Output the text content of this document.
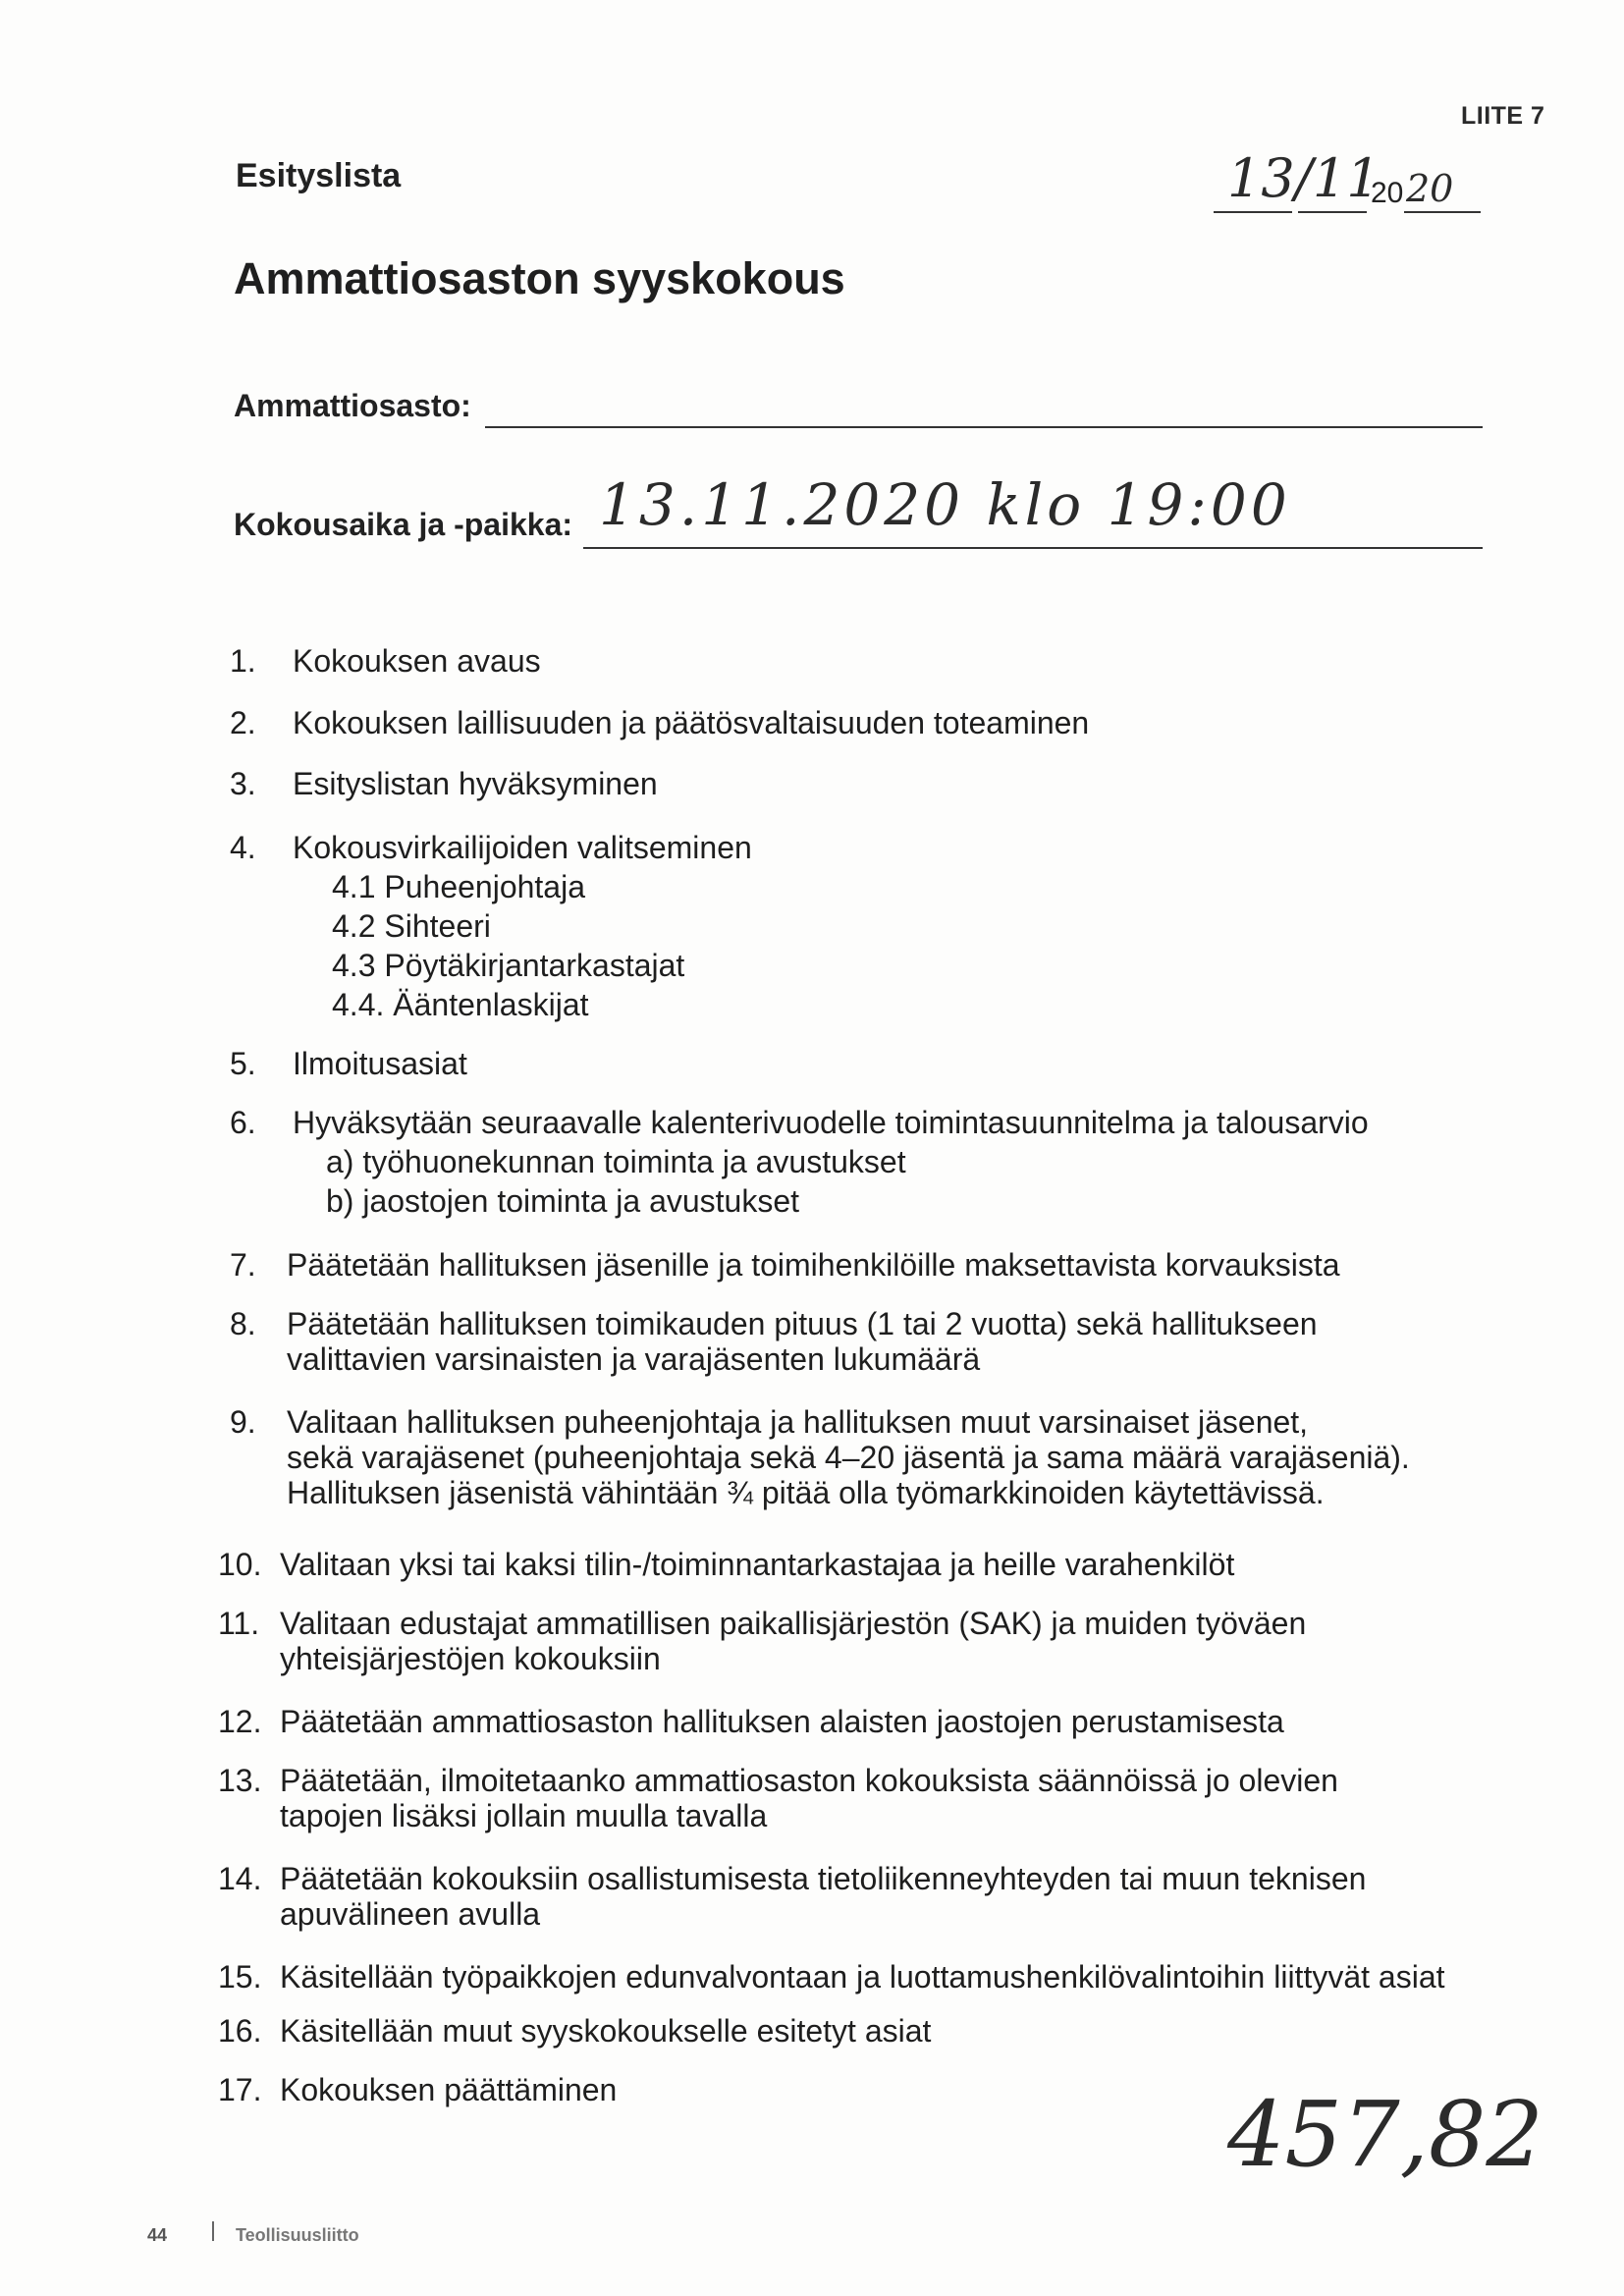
LIITE 7
Esityslista	13/11
20 20
Ammattiosaston syyskokous
Ammattiosasto:
Kokousaika ja -paikka: 13.11.2020 klo 19:00
1. Kokouksen avaus
2. Kokouksen laillisuuden ja päätösvaltaisuuden toteaminen
3. Esityslistan hyväksyminen
4. Kokousvirkailijoiden valitseminen
4.1 Puheenjohtaja
4.2 Sihteeri
4.3 Pöytäkirjantarkastajat
4.4. Ääntenlaskijat
5. Ilmoitusasiat
6. Hyväksytään seuraavalle kalenterivuodelle toimintasuunnitelma ja talousarvio
a) työhuonekunnan toiminta ja avustukset
b) jaostojen toiminta ja avustukset
7. Päätetään hallituksen jäsenille ja toimihenkilöille maksettavista korvauksista
8. Päätetään hallituksen toimikauden pituus (1 tai 2 vuotta) sekä hallitukseen
valittavien varsinaisten ja varajäsenten lukumäärä
9. Valitaan hallituksen puheenjohtaja ja hallituksen muut varsinaiset jäsenet,
sekä varajäsenet (puheenjohtaja sekä 4–20 jäsentä ja sama määrä varajäseniä).
Hallituksen jäsenistä vähintään ¾ pitää olla työmarkkinoiden käytettävissä.
10. Valitaan yksi tai kaksi tilin-/toiminnantarkastajaa ja heille varahenkilöt
11. Valitaan edustajat ammatillisen paikallisjärjestön (SAK) ja muiden työväen
yhteisjärjestöjen kokouksiin
12. Päätetään ammattiosaston hallituksen alaisten jaostojen perustamisesta
13. Päätetään, ilmoitetaanko ammattiosaston kokouksista säännöissä jo olevien
tapojen lisäksi jollain muulla tavalla
14. Päätetään kokouksiin osallistumisesta tietoliikenneyhteyden tai muun teknisen
apuvälineen avulla
15. Käsitellään työpaikkojen edunvalvontaan ja luottamushenkilövalintoihin liittyvät asiat
16. Käsitellään muut syyskokoukselle esitetyt asiat
17. Kokouksen päättäminen	457,82
44	Teollisuusliitto
